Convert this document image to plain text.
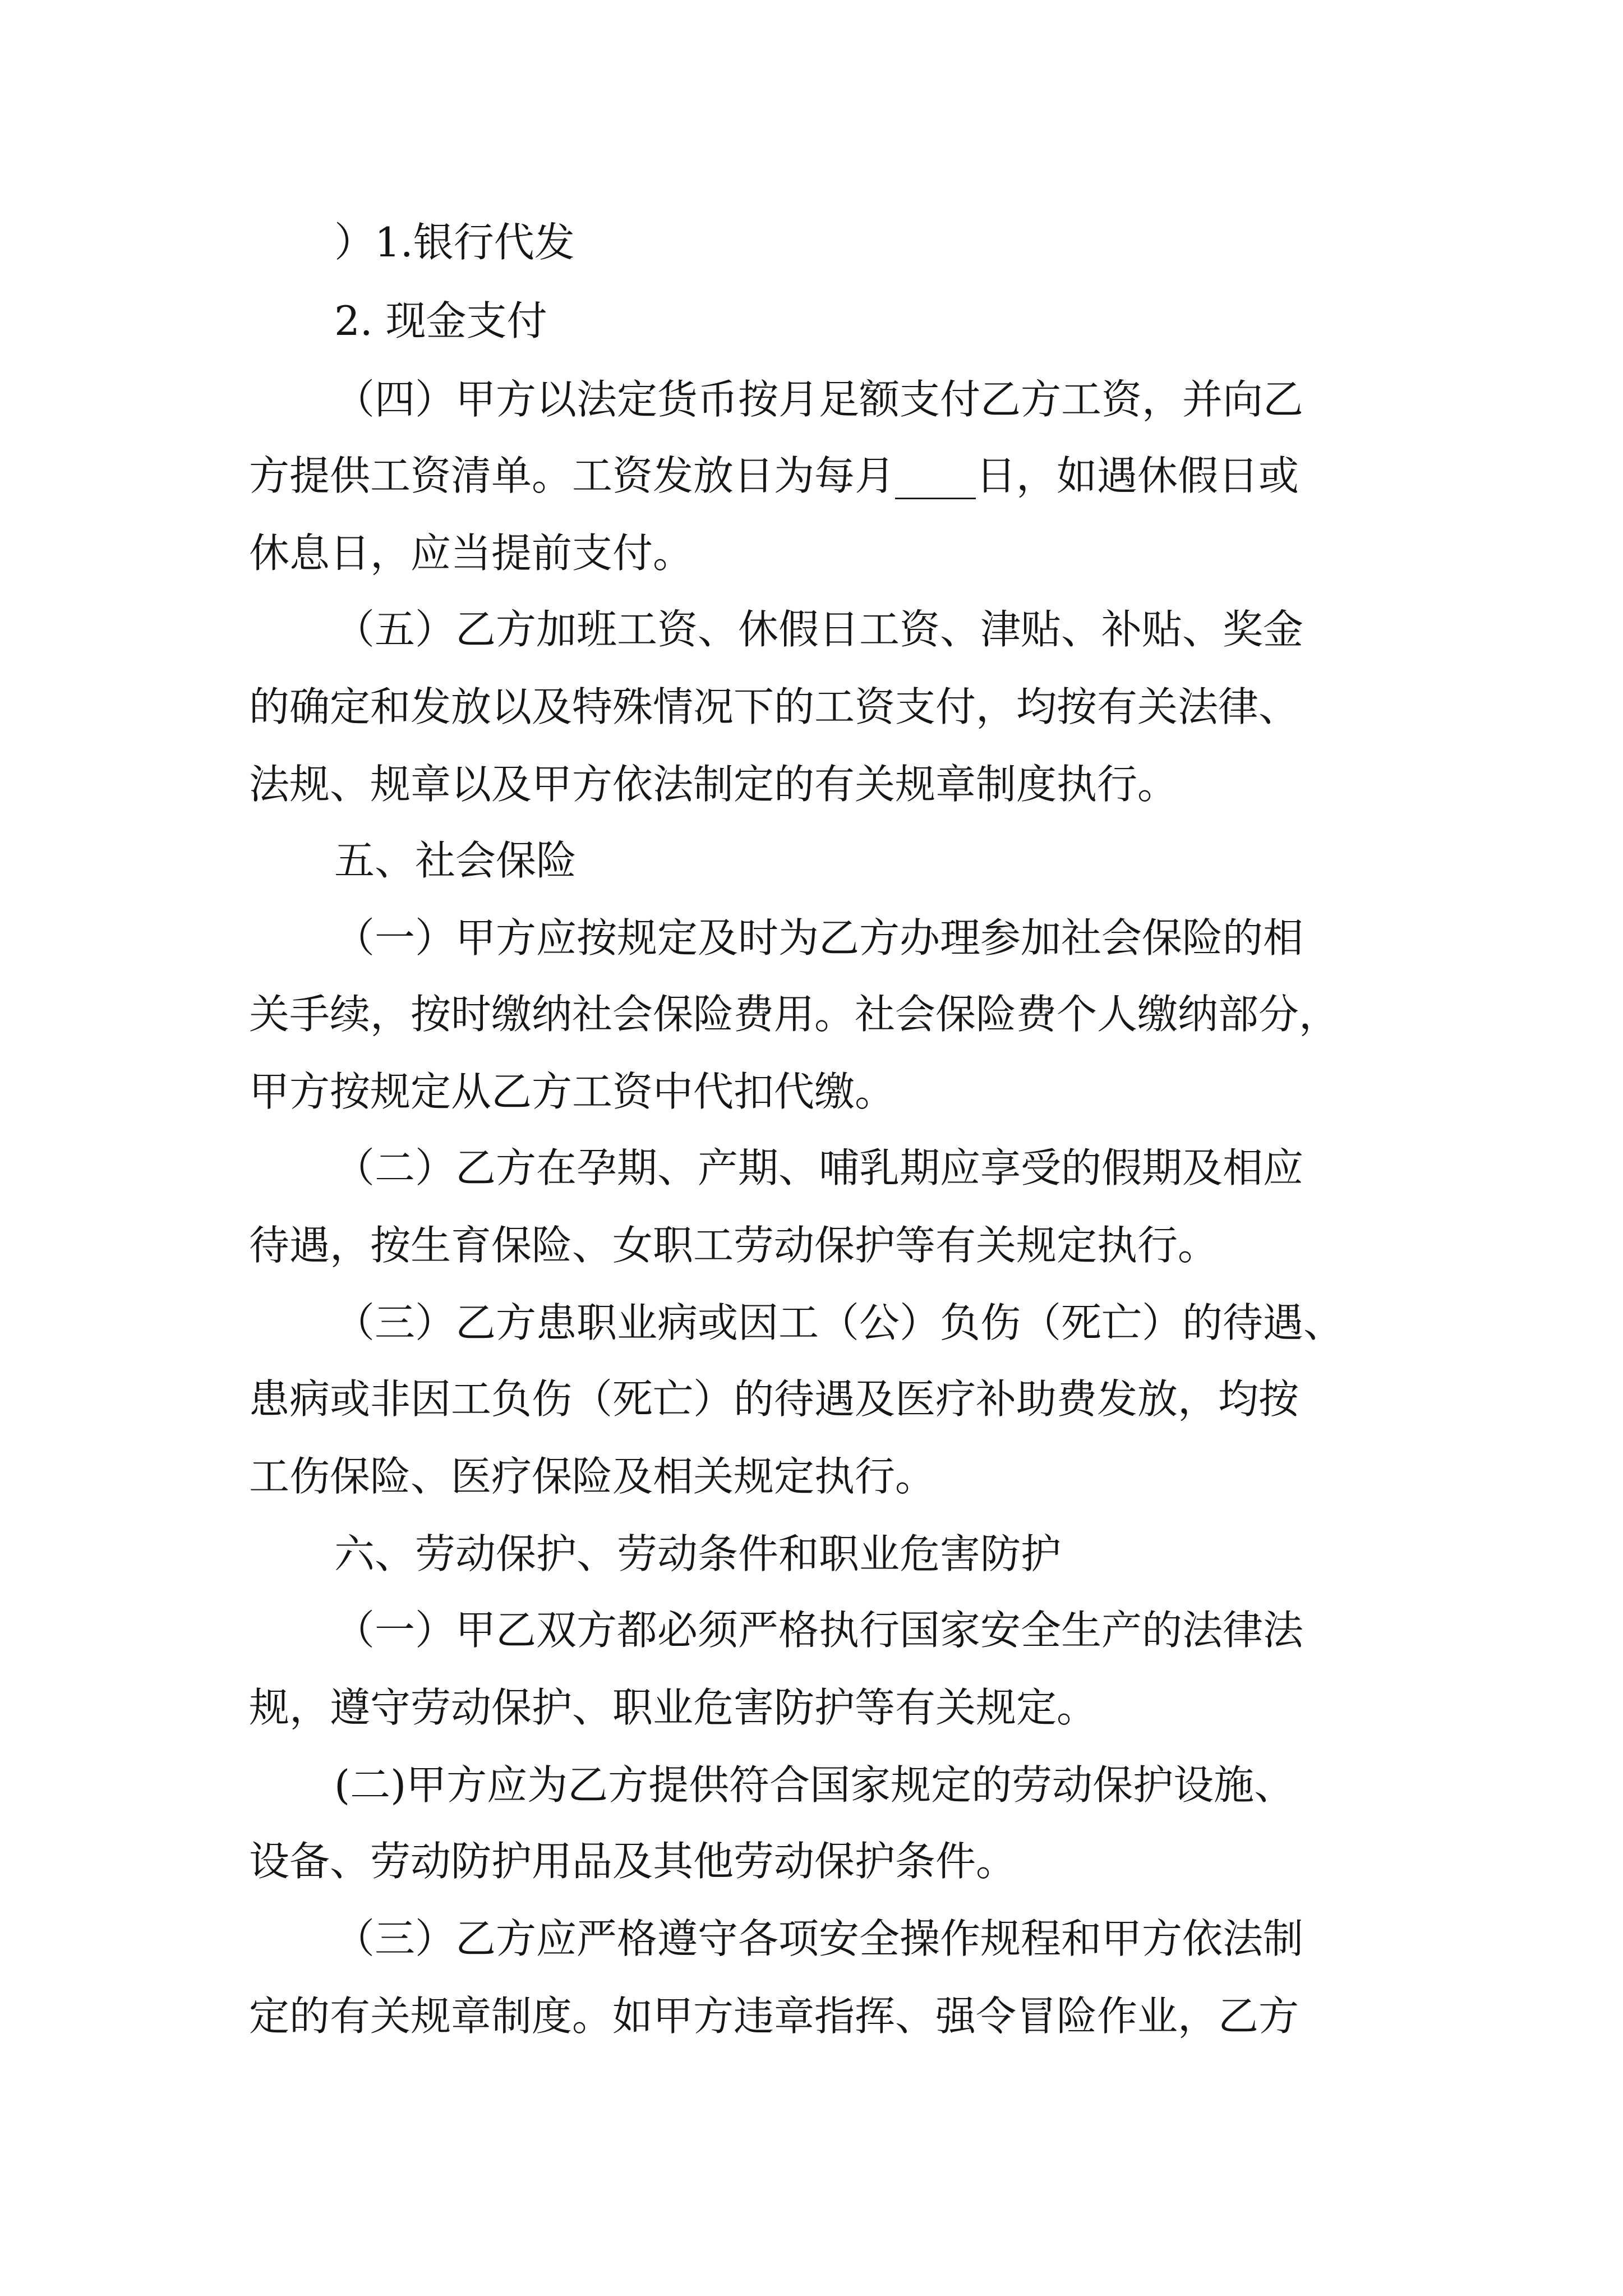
）1.银行代发
2. 现金支付
（四）甲方以法定货币按月足额支付乙方工资，并向乙
方提供工资清单。工资发放日为每月____日，如遇休假日或
休息日，应当提前支付。
（五）乙方加班工资、休假日工资、津贴、补贴、奖金
的确定和发放以及特殊情况下的工资支付，均按有关法律、
法规、规章以及甲方依法制定的有关规章制度执行。
五、社会保险
（一）甲方应按规定及时为乙方办理参加社会保险的相
关手续，按时缴纳社会保险费用。社会保险费个人缴纳部分，
甲方按规定从乙方工资中代扣代缴。
（二）乙方在孕期、产期、哺乳期应享受的假期及相应
待遇，按生育保险、女职工劳动保护等有关规定执行。
（三）乙方患职业病或因工（公）负伤（死亡）的待遇、
患病或非因工负伤（死亡）的待遇及医疗补助费发放，均按
工伤保险、医疗保险及相关规定执行。
六、劳动保护、劳动条件和职业危害防护
（一）甲乙双方都必须严格执行国家安全生产的法律法
规，遵守劳动保护、职业危害防护等有关规定。
(二)甲方应为乙方提供符合国家规定的劳动保护设施、
设备、劳动防护用品及其他劳动保护条件。
（三）乙方应严格遵守各项安全操作规程和甲方依法制
定的有关规章制度。如甲方违章指挥、强令冒险作业，乙方
